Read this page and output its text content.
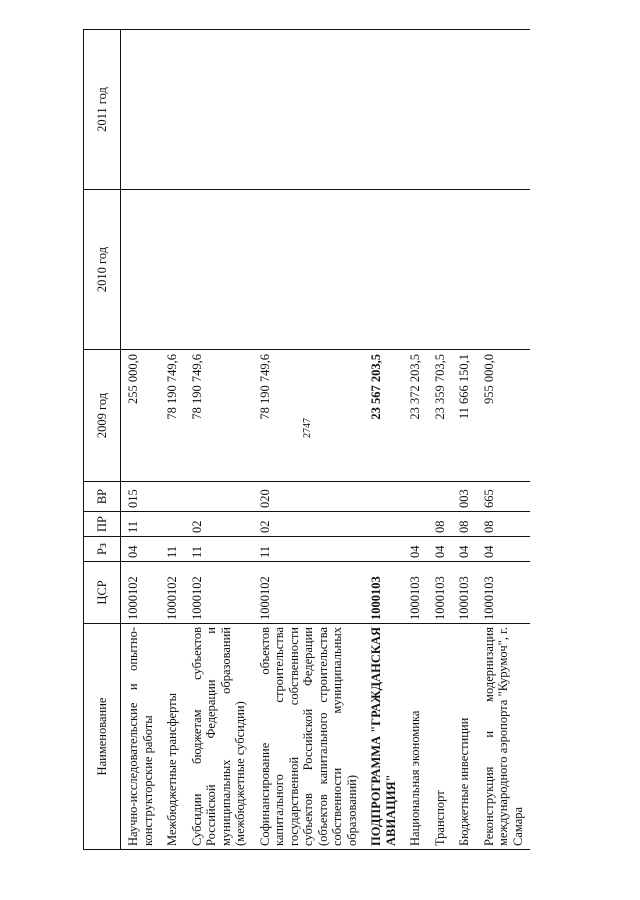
2747
Наименование	ЦСР	Рз	ПР	ВР	2009 год	2010 год	2011 год
Научно-исследовательские и опытно-конструкторские работы	1000102	04	11	015	255 000,0		
Межбюджетные трансферты	1000102	11			78 190 749,6		
Субсидии бюджетам субъектов Российской Федерации и муниципальных образований (межбюджетные субсидии)	1000102	11	02		78 190 749,6		
Софинансирование объектов капитального строительства государственной собственности субъектов Российской Федерации (объектов капитального строительства собственности муниципальных образований)	1000102	11	02	020	78 190 749,6		
ПОДПРОГРАММА "ГРАЖДАНСКАЯ АВИАЦИЯ"	1000103				23 567 203,5		
Национальная экономика	1000103	04			23 372 203,5		
Транспорт	1000103	04	08		23 359 703,5		
Бюджетные инвестиции	1000103	04	08	003	11 666 150,1		
Реконструкция и модернизация международного аэропорта "Курумоч", г. Самара	1000103	04	08	665	955 000,0		
